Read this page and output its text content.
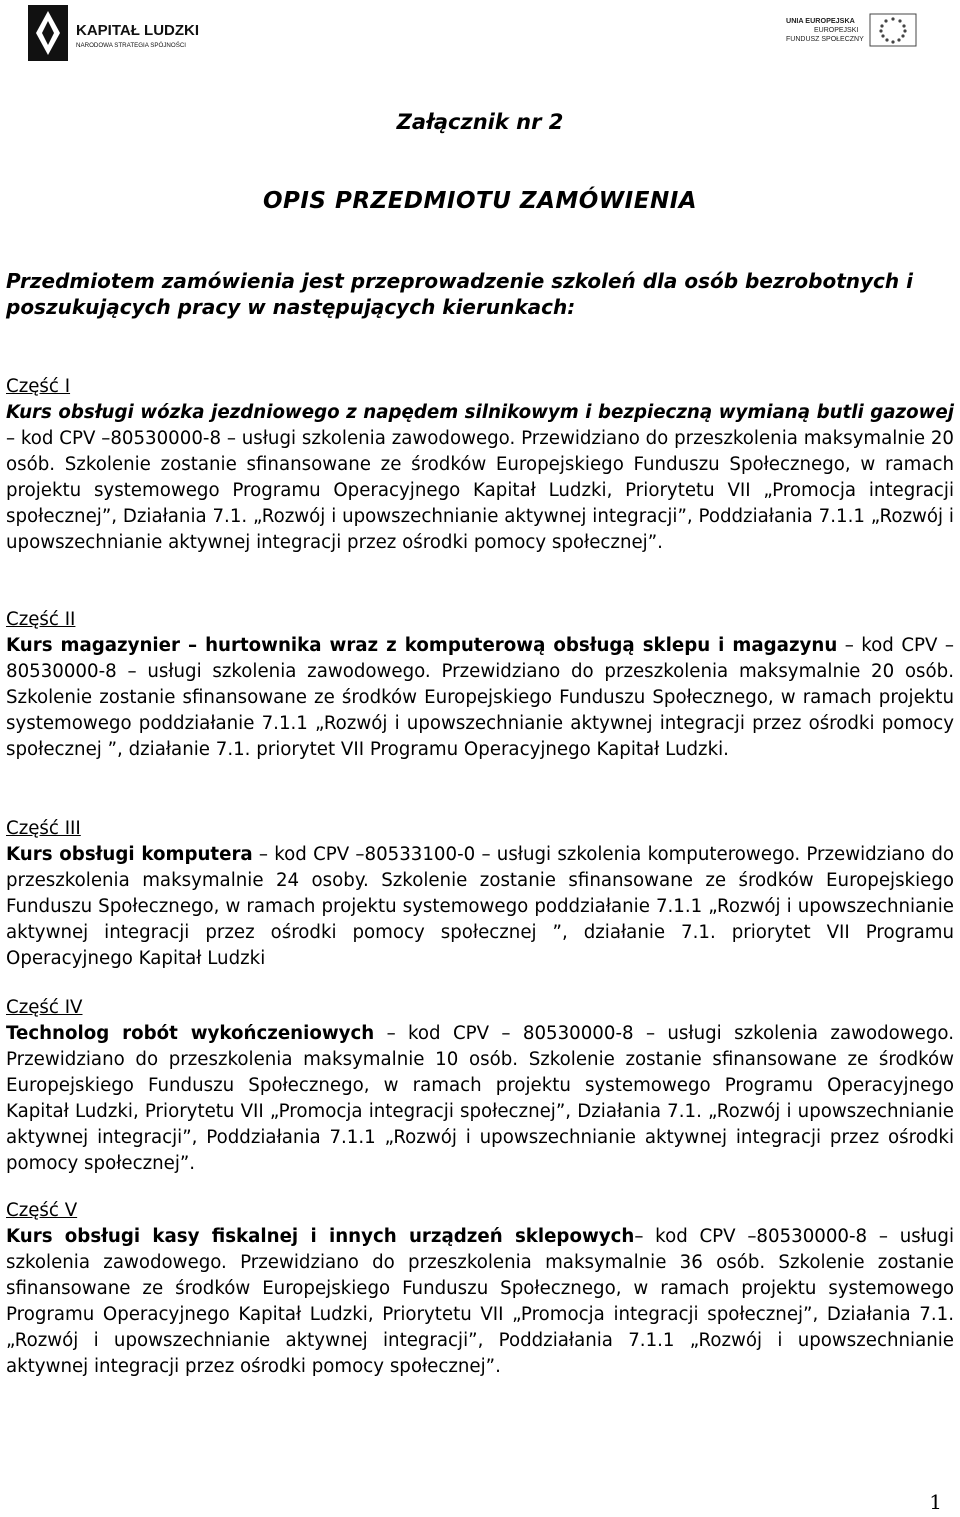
KAPITAŁ LUDZKI
NARODOWA STRATEGIA SPÓJNOŚCI
UNIA EUROPEJSKA
EUROPEJSKI
FUNDUSZ SPOŁECZNY

Załącznik nr 2

OPIS PRZEDMIOTU ZAMÓWIENIA

Przedmiotem zamówienia jest przeprowadzenie szkoleń dla osób bezrobotnych i poszukujących pracy w następujących kierunkach:

Część I
Kurs obsługi wózka jezdniowego z napędem silnikowym i bezpieczną wymianą butli gazowej – kod CPV –80530000-8 – usługi szkolenia zawodowego. Przewidziano do przeszkolenia maksymalnie 20 osób. Szkolenie zostanie sfinansowane ze środków Europejskiego Funduszu Społecznego, w ramach projektu systemowego Programu Operacyjnego Kapitał Ludzki, Priorytetu VII „Promocja integracji społecznej”, Działania 7.1. „Rozwój i upowszechnianie aktywnej integracji”, Poddziałania 7.1.1 „Rozwój i upowszechnianie aktywnej integracji przez ośrodki pomocy społecznej”.

Część II
Kurs magazynier – hurtownika wraz z komputerową obsługą sklepu i magazynu – kod CPV –80530000-8 – usługi szkolenia zawodowego. Przewidziano do przeszkolenia maksymalnie 20 osób. Szkolenie zostanie sfinansowane ze środków Europejskiego Funduszu Społecznego, w ramach projektu systemowego poddziałanie 7.1.1 „Rozwój i upowszechnianie aktywnej integracji przez ośrodki pomocy społecznej ”, działanie 7.1. priorytet VII Programu Operacyjnego Kapitał Ludzki.

Część III
Kurs obsługi komputera – kod CPV –80533100-0 – usługi szkolenia komputerowego. Przewidziano do przeszkolenia maksymalnie 24 osoby. Szkolenie zostanie sfinansowane ze środków Europejskiego Funduszu Społecznego, w ramach projektu systemowego poddziałanie 7.1.1 „Rozwój i upowszechnianie aktywnej integracji przez ośrodki pomocy społecznej ”, działanie 7.1. priorytet VII Programu Operacyjnego Kapitał Ludzki

Część IV
Technolog robót wykończeniowych – kod CPV – 80530000-8 – usługi szkolenia zawodowego. Przewidziano do przeszkolenia maksymalnie 10 osób. Szkolenie zostanie sfinansowane ze środków Europejskiego Funduszu Społecznego, w ramach projektu systemowego Programu Operacyjnego Kapitał Ludzki, Priorytetu VII „Promocja integracji społecznej”, Działania 7.1. „Rozwój i upowszechnianie aktywnej integracji”, Poddziałania 7.1.1 „Rozwój i upowszechnianie aktywnej integracji przez ośrodki pomocy społecznej”.

Część V
Kurs obsługi kasy fiskalnej i innych urządzeń sklepowych– kod CPV –80530000-8 – usługi szkolenia zawodowego. Przewidziano do przeszkolenia maksymalnie 36 osób. Szkolenie zostanie sfinansowane ze środków Europejskiego Funduszu Społecznego, w ramach projektu systemowego Programu Operacyjnego Kapitał Ludzki, Priorytetu VII „Promocja integracji społecznej”, Działania 7.1. „Rozwój i upowszechnianie aktywnej integracji”, Poddziałania 7.1.1 „Rozwój i upowszechnianie aktywnej integracji przez ośrodki pomocy społecznej”.

1
